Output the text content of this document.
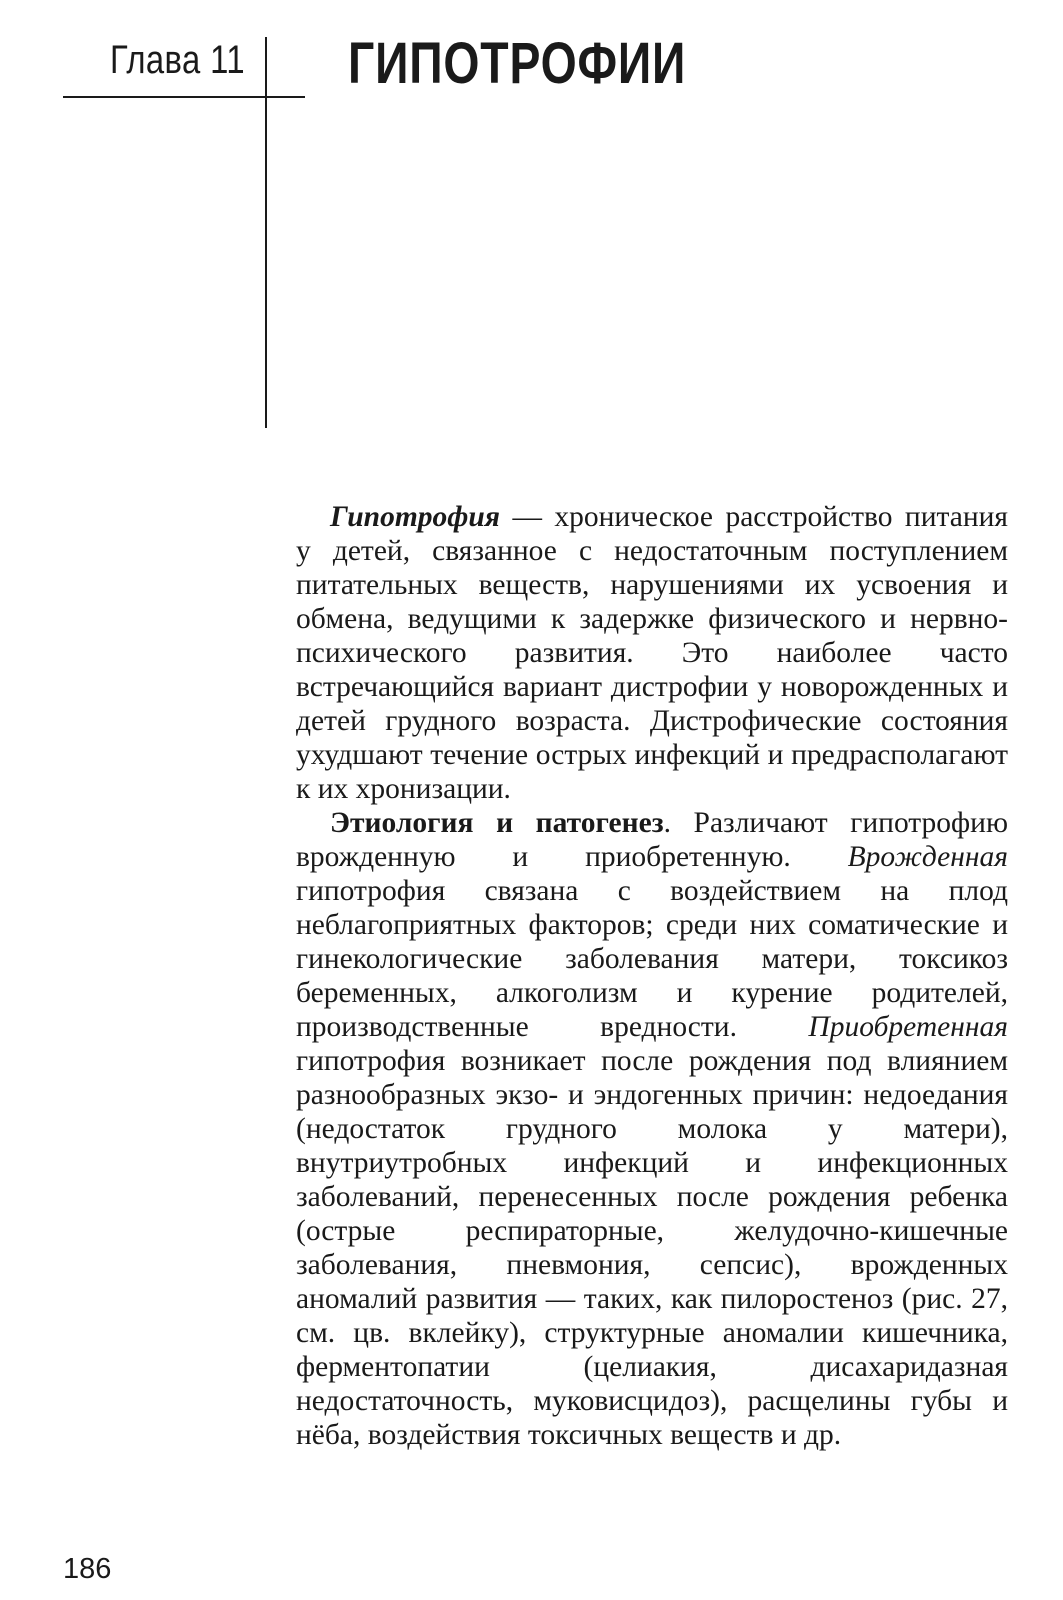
Глава 11 ГИПОТРОФИИ

Гипотрофия — хроническое расстройство питания у детей, связанное с недостаточным поступлением питательных веществ, нарушениями их усвоения и обмена, ведущими к задержке физического и нервно-психического развития. Это наиболее часто встречающийся вариант дистрофии у новорожденных и детей грудного возраста. Дистрофические состояния ухудшают течение острых инфекций и предрасполагают к их хронизации.

Этиология и патогенез. Различают гипотрофию врожденную и приобретенную. Врожденная гипотрофия связана с воздействием на плод неблагоприятных факторов; среди них соматические и гинекологические заболевания матери, токсикоз беременных, алкоголизм и курение родителей, производственные вредности. Приобретенная гипотрофия возникает после рождения под влиянием разнообразных экзо- и эндогенных причин: недоедания (недостаток грудного молока у матери), внутриутробных инфекций и инфекционных заболеваний, перенесенных после рождения ребенка (острые респираторные, желудочно-кишечные заболевания, пневмония, сепсис), врожденных аномалий развития — таких, как пилоростеноз (рис. 27, см. цв. вклейку), структурные аномалии кишечника, ферментопатии (целиакия, дисахаридазная недостаточность, муковисцидоз), расщелины губы и нёба, воздействия токсичных веществ и др.

186
